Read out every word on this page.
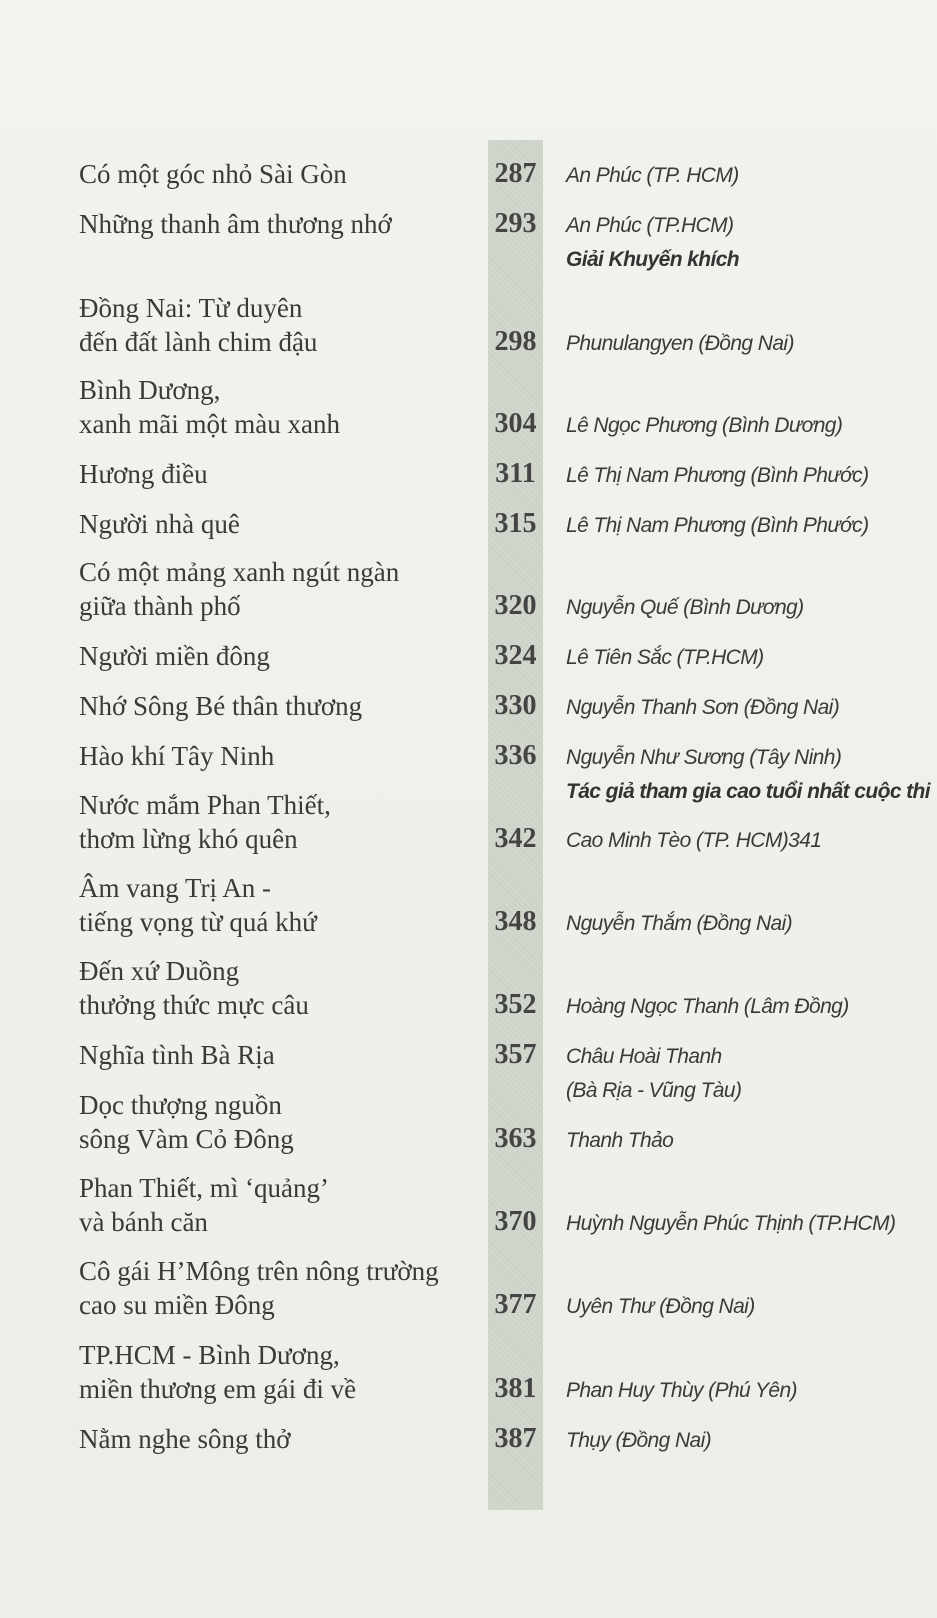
Có một góc nhỏ Sài Gòn	287	An Phúc (TP. HCM)
Những thanh âm thương nhớ	293	An Phúc (TP.HCM)
Giải Khuyến khích
Đồng Nai: Từ duyên
đến đất lành chim đậu	298	Phunulangyen (Đồng Nai)
Bình Dương,
xanh mãi một màu xanh	304	Lê Ngọc Phương (Bình Dương)
Hương điều	311	Lê Thị Nam Phương (Bình Phước)
Người nhà quê	315	Lê Thị Nam Phương (Bình Phước)
Có một mảng xanh ngút ngàn
giữa thành phố	320	Nguyễn Quế (Bình Dương)
Người miền đông	324	Lê Tiên Sắc (TP.HCM)
Nhớ Sông Bé thân thương	330	Nguyễn Thanh Sơn (Đồng Nai)
Hào khí Tây Ninh	336	Nguyễn Như Sương (Tây Ninh)
Tác giả tham gia cao tuổi nhất cuộc thi
Nước mắm Phan Thiết,
thơm lừng khó quên	342	Cao Minh Tèo (TP. HCM)341
Âm vang Trị An -
tiếng vọng từ quá khứ	348	Nguyễn Thắm (Đồng Nai)
Đến xứ Duồng
thưởng thức mực câu	352	Hoàng Ngọc Thanh (Lâm Đồng)
Nghĩa tình Bà Rịa	357	Châu Hoài Thanh
(Bà Rịa - Vũng Tàu)
Dọc thượng nguồn
sông Vàm Cỏ Đông	363	Thanh Thảo
Phan Thiết, mì ‘quảng’
và bánh căn	370	Huỳnh Nguyễn Phúc Thịnh (TP.HCM)
Cô gái H’Mông trên nông trường
cao su miền Đông	377	Uyên Thư (Đồng Nai)
TP.HCM - Bình Dương,
miền thương em gái đi về	381	Phan Huy Thùy (Phú Yên)
Nằm nghe sông thở	387	Thụy (Đồng Nai)
